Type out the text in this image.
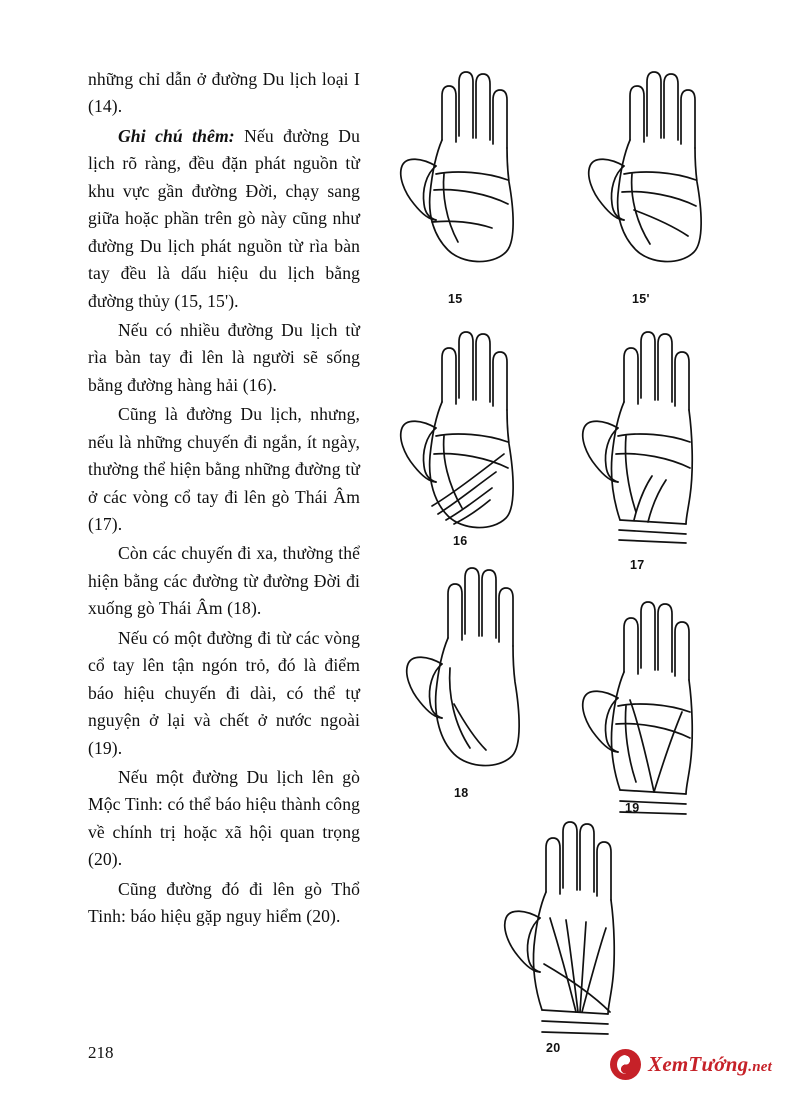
những chỉ dẫn ở đường Du lịch loại I (14).

Ghi chú thêm: Nếu đường Du lịch rõ ràng, đều đặn phát nguồn từ khu vực gần đường Đời, chạy sang giữa hoặc phần trên gò này cũng như đường Du lịch phát nguồn từ rìa bàn tay đều là dấu hiệu du lịch bằng đường thủy (15, 15').

Nếu có nhiều đường Du lịch từ rìa bàn tay đi lên là người sẽ sống bằng đường hàng hải (16).

Cũng là đường Du lịch, nhưng, nếu là những chuyến đi ngắn, ít ngày, thường thể hiện bằng những đường từ ở các vòng cổ tay đi lên gò Thái Âm (17).

Còn các chuyến đi xa, thường thể hiện bằng các đường từ đường Đời đi xuống gò Thái Âm (18).

Nếu có một đường đi từ các vòng cổ tay lên tận ngón trỏ, đó là điểm báo hiệu chuyến đi dài, có thể tự nguyện ở lại và chết ở nước ngoài (19).

Nếu một đường Du lịch lên gò Mộc Tinh: có thể báo hiệu thành công về chính trị hoặc xã hội quan trọng (20).

Cũng đường đó đi lên gò Thổ Tinh: báo hiệu gặp nguy hiểm (20).

15	15'
16
17
18
19
20
218	XemTướng.net
